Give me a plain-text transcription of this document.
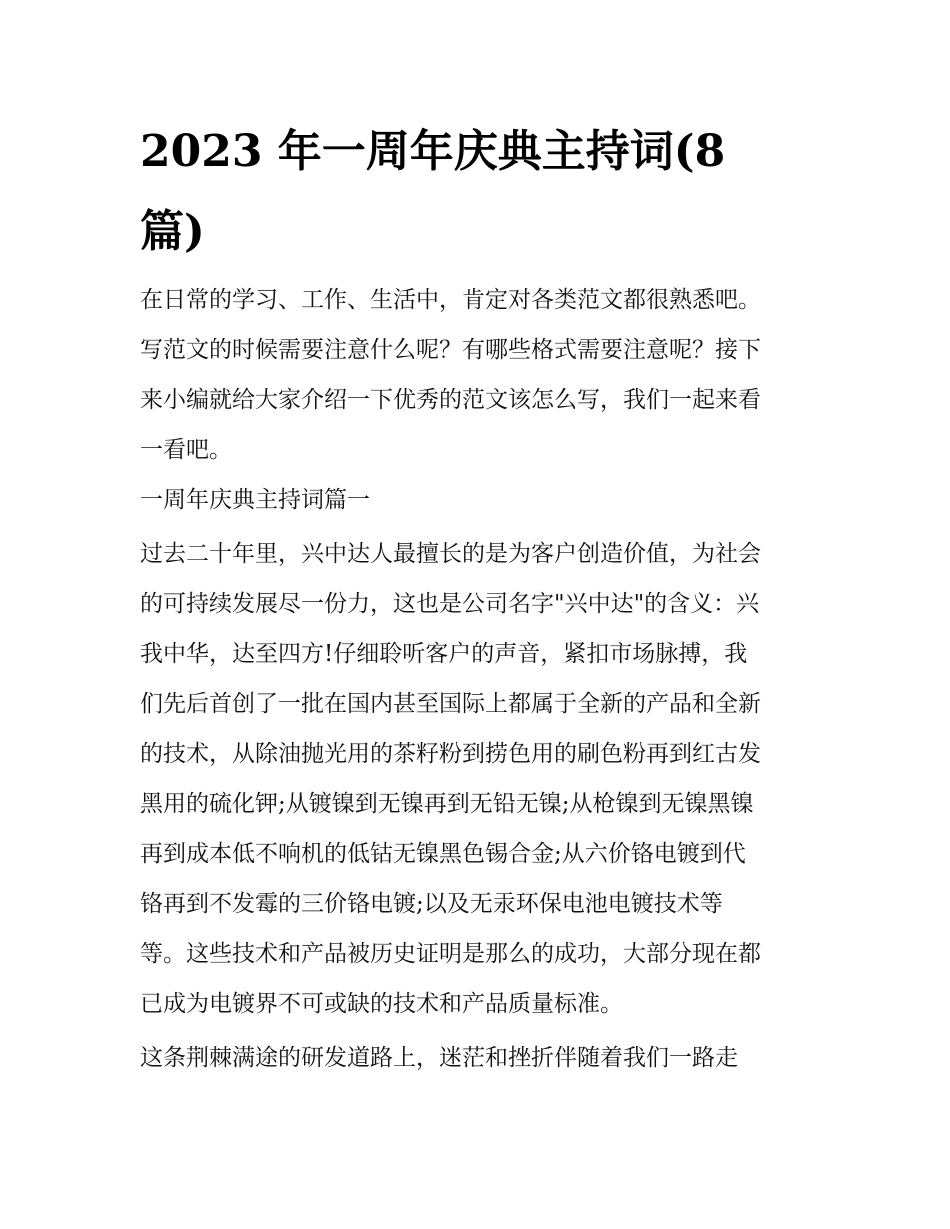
2023 年一周年庆典主持词(8
篇)
在日常的学习、工作、生活中，肯定对各类范文都很熟悉吧。
写范文的时候需要注意什么呢？有哪些格式需要注意呢？接下
来小编就给大家介绍一下优秀的范文该怎么写，我们一起来看
一看吧。
一周年庆典主持词篇一
过去二十年里，兴中达人最擅长的是为客户创造价值，为社会
的可持续发展尽一份力，这也是公司名字"兴中达"的含义：兴
我中华，达至四方!仔细聆听客户的声音，紧扣市场脉搏，我
们先后首创了一批在国内甚至国际上都属于全新的产品和全新
的技术，从除油抛光用的茶籽粉到捞色用的刷色粉再到红古发
黑用的硫化钾;从镀镍到无镍再到无铅无镍;从枪镍到无镍黑镍
再到成本低不响机的低钴无镍黑色锡合金;从六价铬电镀到代
铬再到不发霉的三价铬电镀;以及无汞环保电池电镀技术等
等。这些技术和产品被历史证明是那么的成功，大部分现在都
已成为电镀界不可或缺的技术和产品质量标准。
这条荆棘满途的研发道路上，迷茫和挫折伴随着我们一路走
